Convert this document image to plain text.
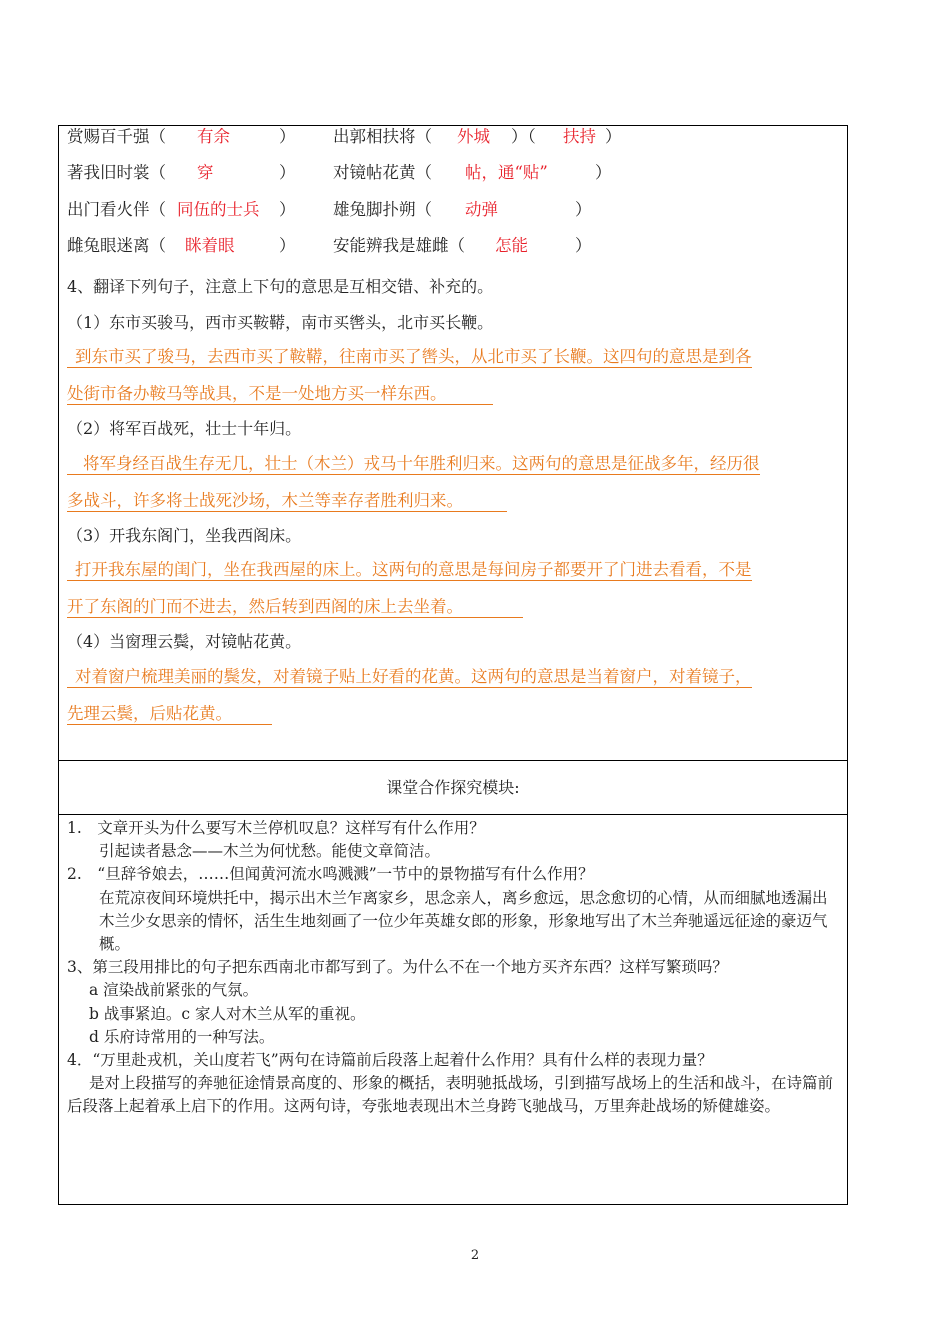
赏赐百千强（ 有余	） 出郭相扶将（ 外城 ）（ 扶持 ）
著我旧时裳（ 穿	） 对镜帖花黄（ 帖，通“贴”	）
出门看火伴（ 同伍的士兵 ） 雄兔脚扑朔（ 动弹	）
雌兔眼迷离（ 眯着眼	） 安能辨我是雄雌（ 怎能	）
4、翻译下列句子，注意上下句的意思是互相交错、补充的。
（1）东市买骏马，西市买鞍鞯，南市买辔头，北市买长鞭。
到东市买了骏马，去西市买了鞍鞯，往南市买了辔头，从北市买了长鞭。这四句的意思是到各
处街市备办鞍马等战具，不是一处地方买一样东西。
（2）将军百战死，壮士十年归。
将军身经百战生存无几，壮士（木兰）戎马十年胜利归来。这两句的意思是征战多年，经历很
多战斗，许多将士战死沙场，木兰等幸存者胜利归来。
（3）开我东阁门，坐我西阁床。
打开我东屋的闺门，坐在我西屋的床上。这两句的意思是每间房子都要开了门进去看看，不是
开了东阁的门而不进去，然后转到西阁的床上去坐着。
（4）当窗理云鬓，对镜帖花黄。
对着窗户梳理美丽的鬓发，对着镜子贴上好看的花黄。这两句的意思是当着窗户，对着镜子，
先理云鬓，后贴花黄。
课堂合作探究模块:

1.　文章开头为什么要写木兰停机叹息？这样写有什么作用？

引起读者悬念——木兰为何忧愁。能使文章简洁。

2.　“旦辞爷娘去，……但闻黄河流水鸣溅溅”一节中的景物描写有什么作用？

在荒凉夜间环境烘托中，揭示出木兰乍离家乡，思念亲人，离乡愈远，思念愈切的心情，从而细腻地透漏出木兰少女思亲的情怀，活生生地刻画了一位少年英雄女郎的形象，形象地写出了木兰奔驰遥远征途的豪迈气概。

3、第三段用排比的句子把东西南北市都写到了。为什么不在一个地方买齐东西？这样写繁琐吗？

a 渲染战前紧张的气氛。

b 战事紧迫。c 家人对木兰从军的重视。

d 乐府诗常用的一种写法。

4．“万里赴戎机，关山度若飞”两句在诗篇前后段落上起着什么作用？具有什么样的表现力量？

是对上段描写的奔驰征途情景高度的、形象的概括，表明驰抵战场，引到描写战场上的生活和战斗，在诗篇前后段落上起着承上启下的作用。这两句诗，夸张地表现出木兰身跨飞驰战马，万里奔赴战场的矫健雄姿。

2
